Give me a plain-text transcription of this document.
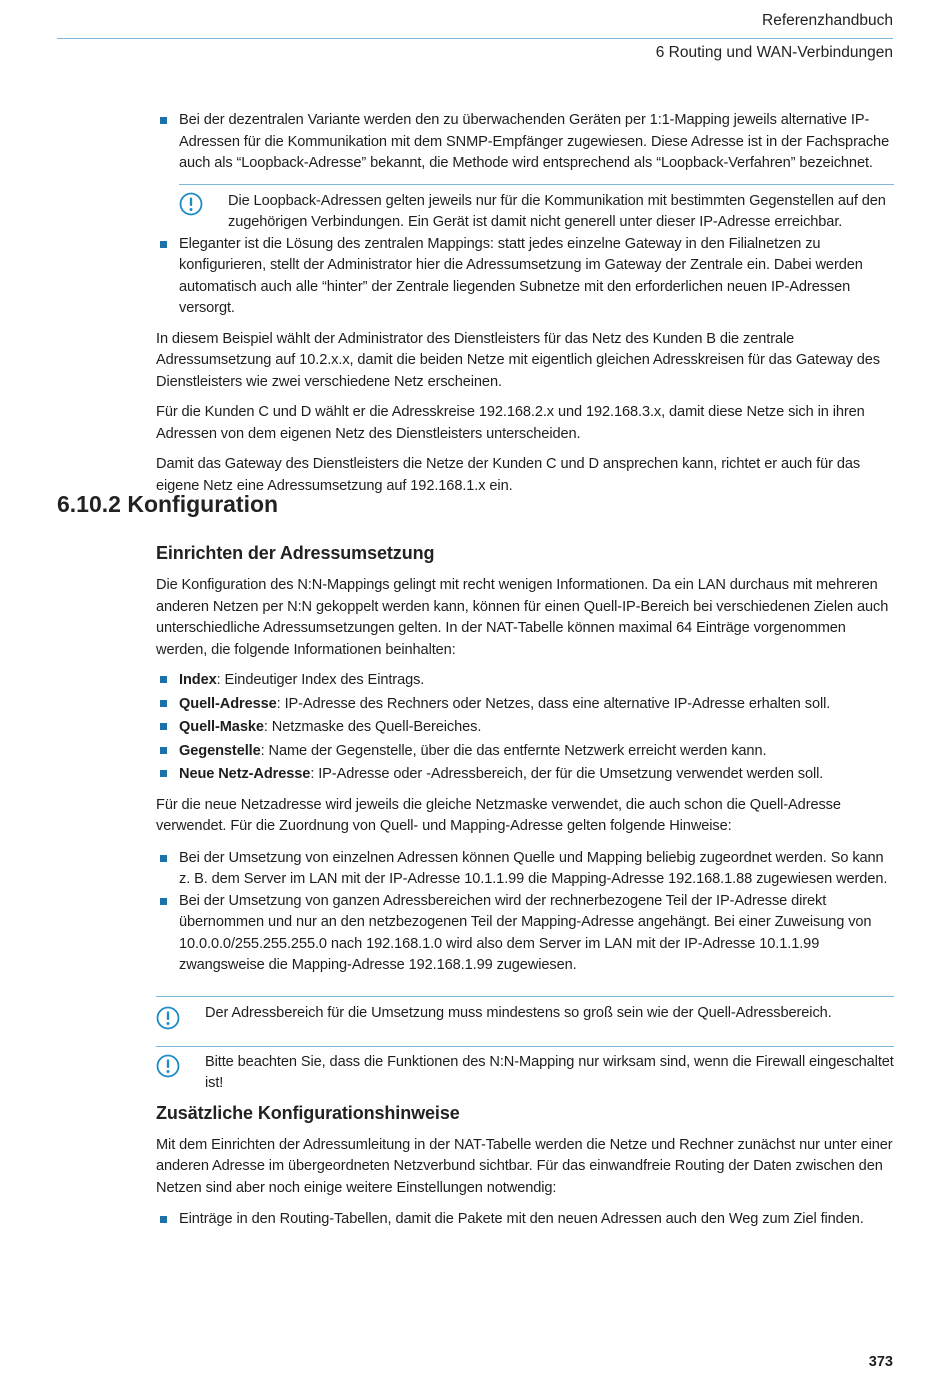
Referenzhandbuch
6 Routing und WAN-Verbindungen

Bei der dezentralen Variante werden den zu überwachenden Geräten per 1:1-Mapping jeweils alternative IP-Adressen für die Kommunikation mit dem SNMP-Empfänger zugewiesen. Diese Adresse ist in der Fachsprache auch als “Loopback-Adresse” bekannt, die Methode wird entsprechend als “Loopback-Verfahren” bezeichnet.

Die Loopback-Adressen gelten jeweils nur für die Kommunikation mit bestimmten Gegenstellen auf den zugehörigen Verbindungen. Ein Gerät ist damit nicht generell unter dieser IP-Adresse erreichbar.

Eleganter ist die Lösung des zentralen Mappings: statt jedes einzelne Gateway in den Filialnetzen zu konfigurieren, stellt der Administrator hier die Adressumsetzung im Gateway der Zentrale ein. Dabei werden automatisch auch alle “hinter” der Zentrale liegenden Subnetze mit den erforderlichen neuen IP-Adressen versorgt.

In diesem Beispiel wählt der Administrator des Dienstleisters für das Netz des Kunden B die zentrale Adressumsetzung auf 10.2.x.x, damit die beiden Netze mit eigentlich gleichen Adresskreisen für das Gateway des Dienstleisters wie zwei verschiedene Netz erscheinen.

Für die Kunden C und D wählt er die Adresskreise 192.168.2.x und 192.168.3.x, damit diese Netze sich in ihren Adressen von dem eigenen Netz des Dienstleisters unterscheiden.

Damit das Gateway des Dienstleisters die Netze der Kunden C und D ansprechen kann, richtet er auch für das eigene Netz eine Adressumsetzung auf 192.168.1.x ein.

6.10.2 Konfiguration
Einrichten der Adressumsetzung

Die Konfiguration des N:N-Mappings gelingt mit recht wenigen Informationen. Da ein LAN durchaus mit mehreren anderen Netzen per N:N gekoppelt werden kann, können für einen Quell-IP-Bereich bei verschiedenen Zielen auch unterschiedliche Adressumsetzungen gelten. In der NAT-Tabelle können maximal 64 Einträge vorgenommen werden, die folgende Informationen beinhalten:

Index: Eindeutiger Index des Eintrags.

Quell-Adresse: IP-Adresse des Rechners oder Netzes, dass eine alternative IP-Adresse erhalten soll.

Quell-Maske: Netzmaske des Quell-Bereiches.

Gegenstelle: Name der Gegenstelle, über die das entfernte Netzwerk erreicht werden kann.

Neue Netz-Adresse: IP-Adresse oder -Adressbereich, der für die Umsetzung verwendet werden soll.

Für die neue Netzadresse wird jeweils die gleiche Netzmaske verwendet, die auch schon die Quell-Adresse verwendet. Für die Zuordnung von Quell- und Mapping-Adresse gelten folgende Hinweise:

Bei der Umsetzung von einzelnen Adressen können Quelle und Mapping beliebig zugeordnet werden. So kann z. B. dem Server im LAN mit der IP-Adresse 10.1.1.99 die Mapping-Adresse 192.168.1.88 zugewiesen werden.

Bei der Umsetzung von ganzen Adressbereichen wird der rechnerbezogene Teil der IP-Adresse direkt übernommen und nur an den netzbezogenen Teil der Mapping-Adresse angehängt. Bei einer Zuweisung von 10.0.0.0/255.255.255.0 nach 192.168.1.0 wird also dem Server im LAN mit der IP-Adresse 10.1.1.99 zwangsweise die Mapping-Adresse 192.168.1.99 zugewiesen.

Der Adressbereich für die Umsetzung muss mindestens so groß sein wie der Quell-Adressbereich.

Bitte beachten Sie, dass die Funktionen des N:N-Mapping nur wirksam sind, wenn die Firewall eingeschaltet ist!

Zusätzliche Konfigurationshinweise

Mit dem Einrichten der Adressumleitung in der NAT-Tabelle werden die Netze und Rechner zunächst nur unter einer anderen Adresse im übergeordneten Netzverbund sichtbar. Für das einwandfreie Routing der Daten zwischen den Netzen sind aber noch einige weitere Einstellungen notwendig:

Einträge in den Routing-Tabellen, damit die Pakete mit den neuen Adressen auch den Weg zum Ziel finden.

373
